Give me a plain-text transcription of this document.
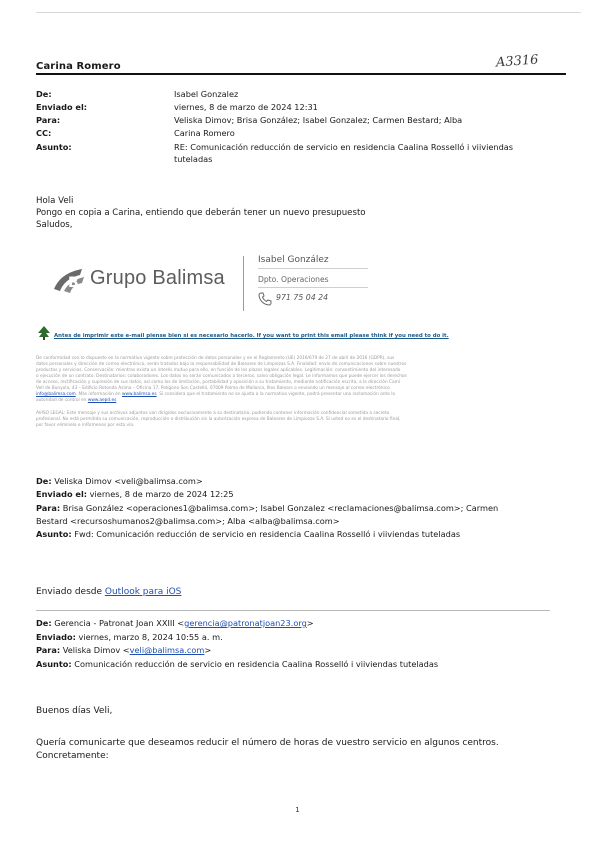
Carina Romero	A3316
De:
Enviado el:
Para:
CC:
Asunto:
Isabel Gonzalez
viernes, 8 de marzo de 2024 12:31
Veliska Dimov; Brisa González; Isabel Gonzalez; Carmen Bestard; Alba
Carina Romero
RE: Comunicación reducción de servicio en residencia Caalina Rosselló i viiviendas
tuteladas
Hola Veli
Pongo en copia a Carina, entiendo que deberán tener un nuevo presupuesto
Saludos,
B Grupo Balimsa
Isabel González
Dpto. Operaciones
971 75 04 24
Antes de imprimir este e-mail piense bien si es necesario hacerlo. If you want to print this email please think if you need to do it.
De conformidad con lo dispuesto en la normativa vigente sobre protección de datos personales y en el Reglamento (UE) 2016/679 de 27 de abril de 2016 (GDPR), sus
datos personales y dirección de correo electrónico, serán tratados bajo la responsabilidad de Baleares de Limpiezas S.A. Finalidad: envío de comunicaciones sobre nuestros
productos y servicios. Conservación: mientras exista un interés mutuo para ello, en función de los plazos legales aplicables. Legitimación: consentimiento del interesado
o ejecución de un contrato. Destinatarios: colaboradores. Los datos no serán comunicados a terceros, salvo obligación legal. Le informamos que puede ejercer los derechos
de acceso, rectificación y supresión de sus datos, así como los de limitación, portabilidad y oposición a su tratamiento, mediante notificación escrita, a la dirección Camí
Vell de Bunyola, 43 – Edificio Rotonda Asima – Oficina 17, Polígono Son Castelló, 07009 Palma de Mallorca, Illes Balears o enviando un mensaje al correo electrónico
info@balimsa.com. Más información en www.balimsa.es. Si considera que el tratamiento no se ajusta a la normativa vigente, podrá presentar una reclamación ante la
autoridad de control en www.aepd.es
AVISO LEGAL: Este mensaje y sus archivos adjuntos van dirigidos exclusivamente a su destinatario, pudiendo contener información confidencial sometida a secreto
profesional. No está permitida su comunicación, reproducción o distribución sin la autorización expresa de Baleares de Limpiezas S.A. Si usted no es el destinatario final,
por favor elimínelo e infórmenos por esta vía.
De: Veliska Dimov <veli@balimsa.com>
Enviado el: viernes, 8 de marzo de 2024 12:25
Para: Brisa González <operaciones1@balimsa.com>; Isabel Gonzalez <reclamaciones@balimsa.com>; Carmen
Bestard <recursoshumanos2@balimsa.com>; Alba <alba@balimsa.com>
Asunto: Fwd: Comunicación reducción de servicio en residencia Caalina Rosselló i viiviendas tuteladas
Enviado desde Outlook para iOS
De: Gerencia - Patronat Joan XXIII <gerencia@patronatjoan23.org>
Enviado: viernes, marzo 8, 2024 10:55 a. m.
Para: Veliska Dimov <veli@balimsa.com>
Asunto: Comunicación reducción de servicio en residencia Caalina Rosselló i viiviendas tuteladas
Buenos días Veli,
Quería comunicarte que deseamos reducir el número de horas de vuestro servicio en algunos centros.
Concretamente:
1
